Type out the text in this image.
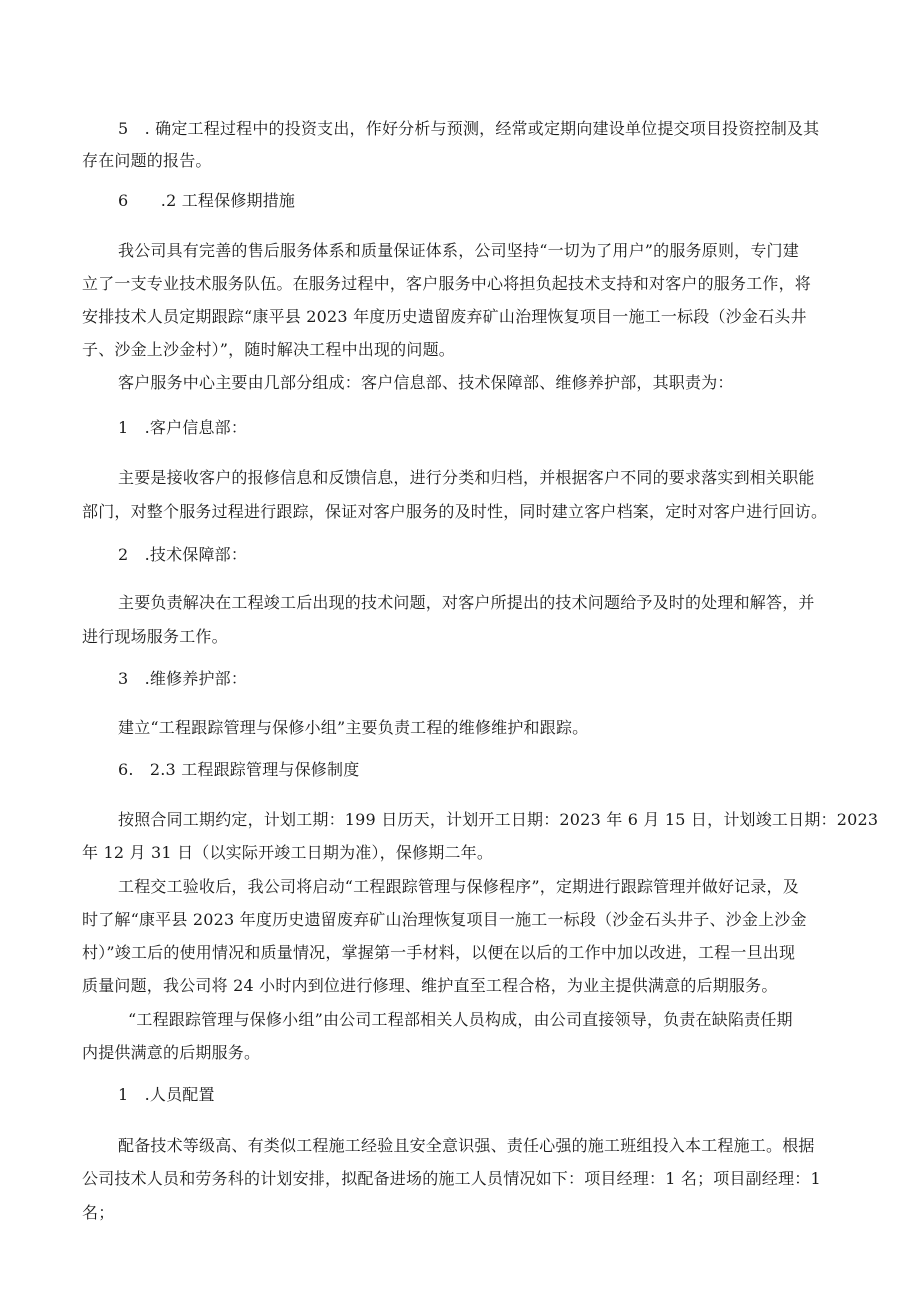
5　. 确定工程过程中的投资支出，作好分析与预测，经常或定期向建设单位提交项目投资控制及其
存在问题的报告。
6　　.2 工程保修期措施
我公司具有完善的售后服务体系和质量保证体系，公司坚持“一切为了用户”的服务原则，专门建
立了一支专业技术服务队伍。在服务过程中，客户服务中心将担负起技术支持和对客户的服务工作，将
安排技术人员定期跟踪“康平县 2023 年度历史遗留废弃矿山治理恢复项目一施工一标段（沙金石头井
子、沙金上沙金村）”，随时解决工程中出现的问题。
客户服务中心主要由几部分组成：客户信息部、技术保障部、维修养护部，其职责为：
1　.客户信息部：
主要是接收客户的报修信息和反馈信息，进行分类和归档，并根据客户不同的要求落实到相关职能
部门，对整个服务过程进行跟踪，保证对客户服务的及时性，同时建立客户档案，定时对客户进行回访。
2　.技术保障部：
主要负责解决在工程竣工后出现的技术问题，对客户所提出的技术问题给予及时的处理和解答，并
进行现场服务工作。
3　.维修养护部：
建立“工程跟踪管理与保修小组”主要负责工程的维修维护和跟踪。
6.　2.3 工程跟踪管理与保修制度
按照合同工期约定，计划工期：199 日历天，计划开工日期：2023 年 6 月 15 日，计划竣工日期：2023
年 12 月 31 日（以实际开竣工日期为准），保修期二年。
工程交工验收后，我公司将启动“工程跟踪管理与保修程序”，定期进行跟踪管理并做好记录，及
时了解“康平县 2023 年度历史遗留废弃矿山治理恢复项目一施工一标段（沙金石头井子、沙金上沙金
村）”竣工后的使用情况和质量情况，掌握第一手材料，以便在以后的工作中加以改进，工程一旦出现
质量问题，我公司将 24 小时内到位进行修理、维护直至工程合格，为业主提供满意的后期服务。
“工程跟踪管理与保修小组”由公司工程部相关人员构成，由公司直接领导，负责在缺陷责任期
内提供满意的后期服务。
1　.人员配置
配备技术等级高、有类似工程施工经验且安全意识强、责任心强的施工班组投入本工程施工。根据
公司技术人员和劳务科的计划安排，拟配备进场的施工人员情况如下：项目经理：1 名；项目副经理：1
名；
